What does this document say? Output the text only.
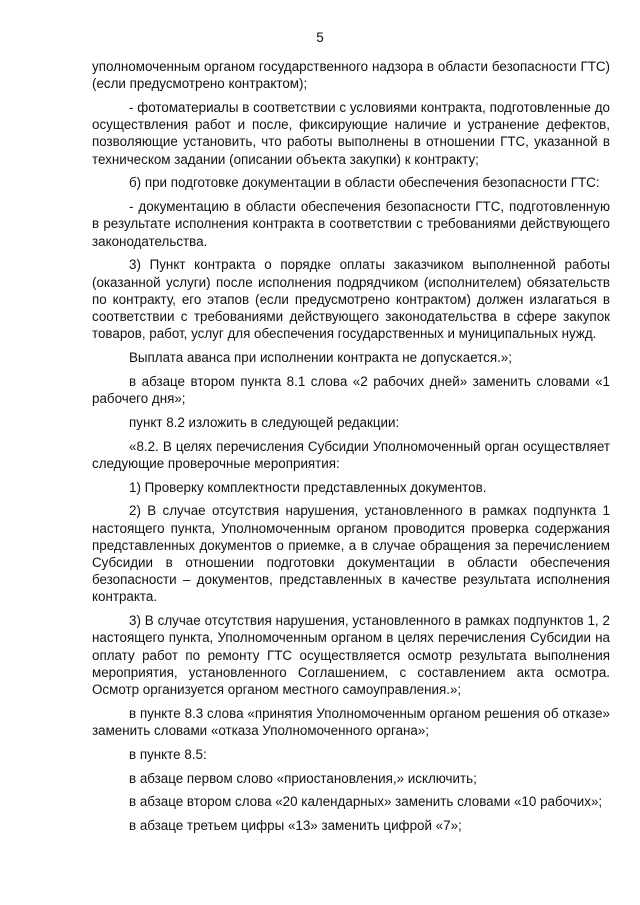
5

уполномоченным органом государственного надзора в области безопасности ГТС) (если предусмотрено контрактом);

- фотоматериалы в соответствии с условиями контракта, подготовленные до осуществления работ и после, фиксирующие наличие и устранение дефектов, позволяющие установить, что работы выполнены в отношении ГТС, указанной в техническом задании (описании объекта закупки) к контракту;

б) при подготовке документации в области обеспечения безопасности ГТС:

- документацию в области обеспечения безопасности ГТС, подготовленную в результате исполнения контракта в соответствии с требованиями действующего законодательства.

3) Пункт контракта о порядке оплаты заказчиком выполненной работы (оказанной услуги) после исполнения подрядчиком (исполнителем) обязательств по контракту, его этапов (если предусмотрено контрактом) должен излагаться в соответствии с требованиями действующего законодательства в сфере закупок товаров, работ, услуг для обеспечения государственных и муниципальных нужд.

Выплата аванса при исполнении контракта не допускается.»;

в абзаце втором пункта 8.1 слова «2 рабочих дней» заменить словами «1 рабочего дня»;

пункт 8.2 изложить в следующей редакции:

«8.2. В целях перечисления Субсидии Уполномоченный орган осуществляет следующие проверочные мероприятия:

1) Проверку комплектности представленных документов.

2) В случае отсутствия нарушения, установленного в рамках подпункта 1 настоящего пункта, Уполномоченным органом проводится проверка содержания представленных документов о приемке, а в случае обращения за перечислением Субсидии в отношении подготовки документации в области обеспечения безопасности – документов, представленных в качестве результата исполнения контракта.

3) В случае отсутствия нарушения, установленного в рамках подпунктов 1, 2 настоящего пункта, Уполномоченным органом в целях перечисления Субсидии на оплату работ по ремонту ГТС осуществляется осмотр результата выполнения мероприятия, установленного Соглашением, с составлением акта осмотра. Осмотр организуется органом местного самоуправления.»;

в пункте 8.3 слова «принятия Уполномоченным органом решения об отказе» заменить словами «отказа Уполномоченного органа»;

в пункте 8.5:

в абзаце первом слово «приостановления,» исключить;

в абзаце втором слова «20 календарных» заменить словами «10 рабочих»;

в абзаце третьем цифры «13» заменить цифрой «7»;
